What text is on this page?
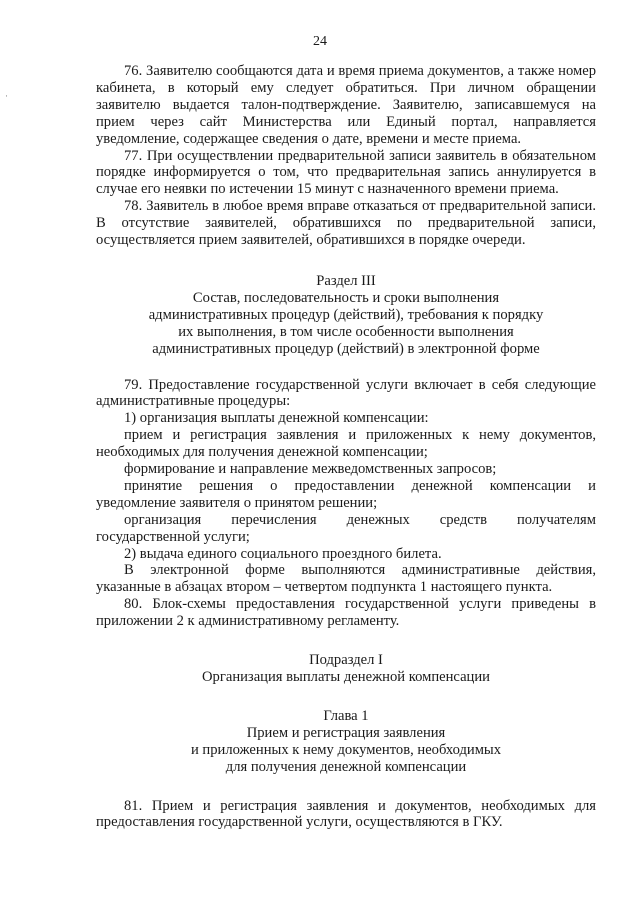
·
24

76. Заявителю сообщаются дата и время приема документов, а также номер кабинета, в который ему следует обратиться. При личном обращении заявителю выдается талон-подтверждение. Заявителю, записавшемуся на прием через сайт Министерства или Единый портал, направляется уведомление, содержащее сведения о дате, времени и месте приема.

77. При осуществлении предварительной записи заявитель в обязательном порядке информируется о том, что предварительная запись аннулируется в случае его неявки по истечении 15 минут с назначенного времени приема.

78. Заявитель в любое время вправе отказаться от предварительной записи. В отсутствие заявителей, обратившихся по предварительной записи, осуществляется прием заявителей, обратившихся в порядке очереди.

Раздел III
Состав, последовательность и сроки выполнения
административных процедур (действий), требования к порядку
их выполнения, в том числе особенности выполнения
административных процедур (действий) в электронной форме

79. Предоставление государственной услуги включает в себя следующие административные процедуры:

1) организация выплаты денежной компенсации:

прием и регистрация заявления и приложенных к нему документов, необходимых для получения денежной компенсации;

формирование и направление межведомственных запросов;

принятие решения о предоставлении денежной компенсации и уведомление заявителя о принятом решении;

организация перечисления денежных средств получателям государственной услуги;

2) выдача единого социального проездного билета.

В электронной форме выполняются административные действия, указанные в абзацах втором – четвертом подпункта 1 настоящего пункта.

80. Блок-схемы предоставления государственной услуги приведены в приложении 2 к административному регламенту.

Подраздел I
Организация выплаты денежной компенсации
Глава 1
Прием и регистрация заявления
и приложенных к нему документов, необходимых
для получения денежной компенсации

81. Прием и регистрация заявления и документов, необходимых для предоставления государственной услуги, осуществляются в ГКУ.
